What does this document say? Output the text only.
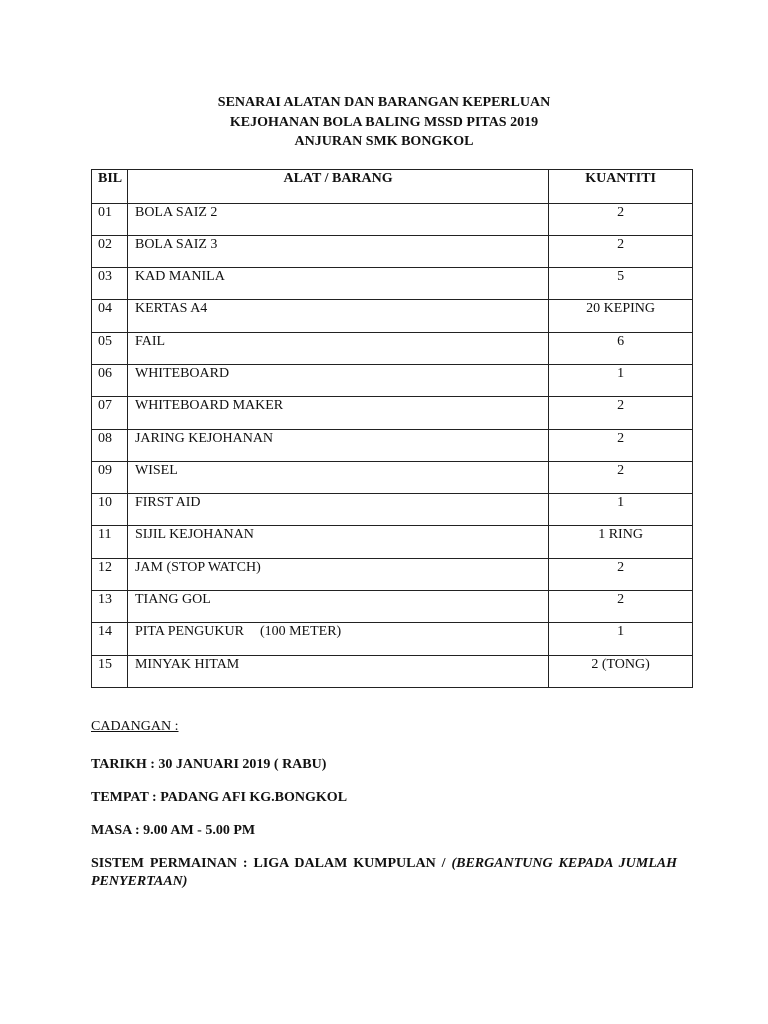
SENARAI ALATAN DAN BARANGAN KEPERLUAN
KEJOHANAN BOLA BALING MSSD PITAS 2019
ANJURAN SMK BONGKOL
BIL	ALAT / BARANG	KUANTITI

01	BOLA SAIZ 2	2

02	BOLA SAIZ 3	2

03	KAD MANILA	5

04	KERTAS A4	20 KEPING

05	FAIL	6

06	WHITEBOARD	1

07	WHITEBOARD MAKER	2

08	JARING KEJOHANAN	2

09	WISEL	2

10	FIRST AID	1

11	SIJIL KEJOHANAN	1 RING

12	JAM (STOP WATCH)	2

13	TIANG GOL	2

14	PITA PENGUKUR (100 METER)	1

15	MINYAK HITAM	2 (TONG)
CADANGAN :
TARIKH : 30 JANUARI 2019 ( RABU)
TEMPAT : PADANG AFI KG.BONGKOL
MASA : 9.00 AM - 5.00 PM
SISTEM PERMAINAN : LIGA DALAM KUMPULAN / (BERGANTUNG KEPADA JUMLAH PENYERTAAN)
